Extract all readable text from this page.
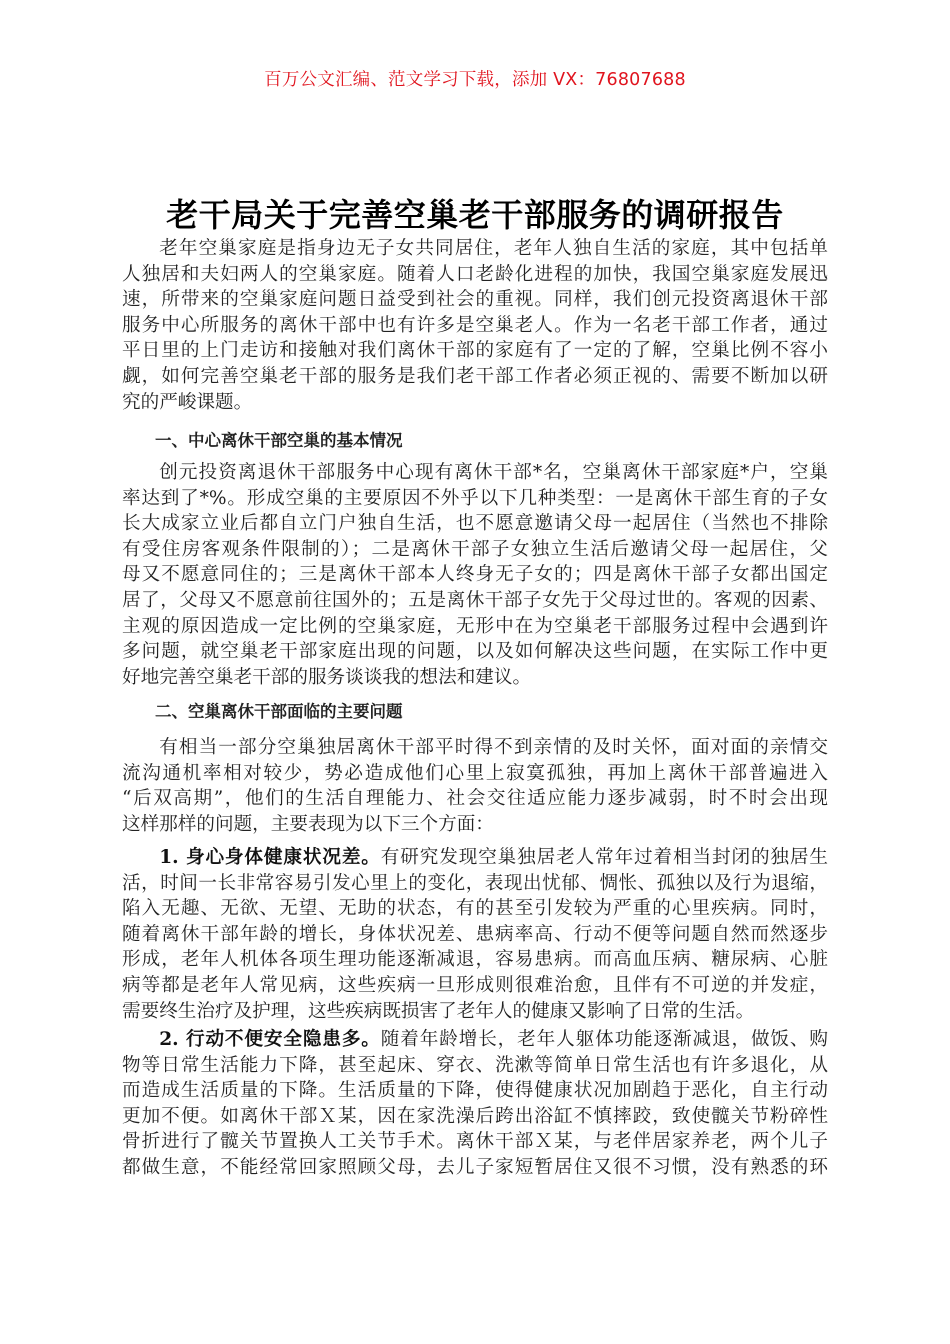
百万公文汇编、范文学习下载，添加 VX：76807688
老干局关于完善空巢老干部服务的调研报告
老年空巢家庭是指身边无子女共同居住，老年人独自生活的家庭，其中包括单
人独居和夫妇两人的空巢家庭。随着人口老龄化进程的加快，我国空巢家庭发展迅
速，所带来的空巢家庭问题日益受到社会的重视。同样，我们创元投资离退休干部
服务中心所服务的离休干部中也有许多是空巢老人。作为一名老干部工作者，通过
平日里的上门走访和接触对我们离休干部的家庭有了一定的了解，空巢比例不容小
觑，如何完善空巢老干部的服务是我们老干部工作者必须正视的、需要不断加以研
究的严峻课题。

一、中心离休干部空巢的基本情况

创元投资离退休干部服务中心现有离休干部*名，空巢离休干部家庭*户，空巢
率达到了*%。形成空巢的主要原因不外乎以下几种类型：一是离休干部生育的子女
长大成家立业后都自立门户独自生活，也不愿意邀请父母一起居住（当然也不排除
有受住房客观条件限制的）；二是离休干部子女独立生活后邀请父母一起居住，父
母又不愿意同住的；三是离休干部本人终身无子女的；四是离休干部子女都出国定
居了，父母又不愿意前往国外的；五是离休干部子女先于父母过世的。客观的因素、
主观的原因造成一定比例的空巢家庭，无形中在为空巢老干部服务过程中会遇到许
多问题，就空巢老干部家庭出现的问题，以及如何解决这些问题，在实际工作中更
好地完善空巢老干部的服务谈谈我的想法和建议。

二、空巢离休干部面临的主要问题

有相当一部分空巢独居离休干部平时得不到亲情的及时关怀，面对面的亲情交
流沟通机率相对较少，势必造成他们心里上寂寞孤独，再加上离休干部普遍进入
“后双高期”，他们的生活自理能力、社会交往适应能力逐步减弱，时不时会出现
这样那样的问题，主要表现为以下三个方面：
1. 身心身体健康状况差。有研究发现空巢独居老人常年过着相当封闭的独居生
活，时间一长非常容易引发心里上的变化，表现出忧郁、惆怅、孤独以及行为退缩，
陷入无趣、无欲、无望、无助的状态，有的甚至引发较为严重的心里疾病。同时，
随着离休干部年龄的增长，身体状况差、患病率高、行动不便等问题自然而然逐步
形成，老年人机体各项生理功能逐渐减退，容易患病。而高血压病、糖尿病、心脏
病等都是老年人常见病，这些疾病一旦形成则很难治愈，且伴有不可逆的并发症，
需要终生治疗及护理，这些疾病既损害了老年人的健康又影响了日常的生活。
2. 行动不便安全隐患多。随着年龄增长，老年人躯体功能逐渐减退，做饭、购
物等日常生活能力下降，甚至起床、穿衣、洗漱等简单日常生活也有许多退化，从
而造成生活质量的下降。生活质量的下降，使得健康状况加剧趋于恶化，自主行动
更加不便。如离休干部Ｘ某，因在家洗澡后跨出浴缸不慎摔跤，致使髋关节粉碎性
骨折进行了髋关节置换人工关节手术。离休干部Ｘ某，与老伴居家养老，两个儿子
都做生意，不能经常回家照顾父母，去儿子家短暂居住又很不习惯，没有熟悉的环
